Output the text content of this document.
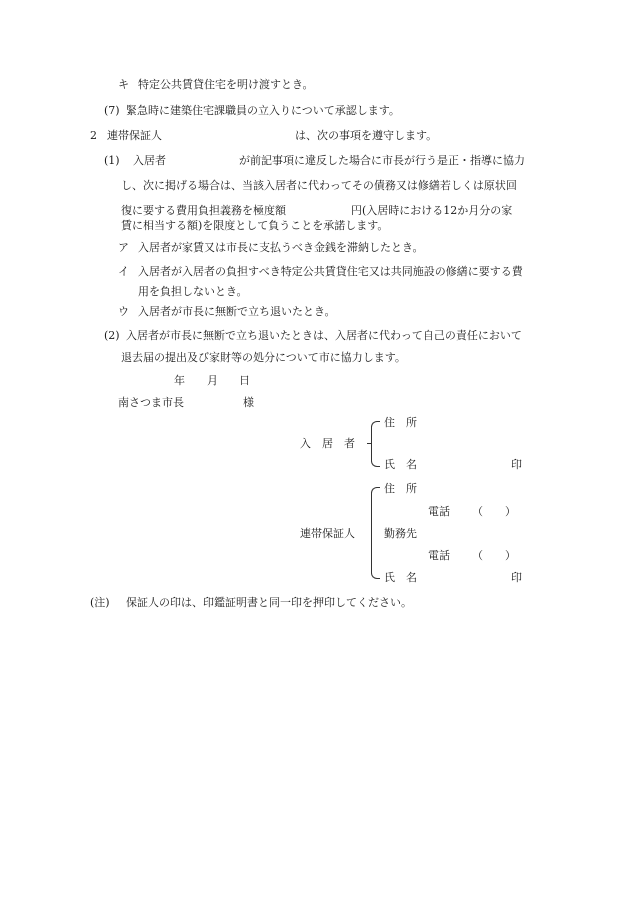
キ 特定公共賃貸住宅を明け渡すとき。
(7) 緊急時に建築住宅課職員の立入りについて承認します。
2 連帯保証人	は、次の事項を遵守します。
(1) 入居者	が前記事項に違反した場合に市長が行う是正・指導に協力
し、次に掲げる場合は、当該入居者に代わってその債務又は修繕若しくは原状回
復に要する費用負担義務を極度額	円(入居時における12か月分の家
賃に相当する額)を限度として負うことを承諾します。
ア 入居者が家賃又は市長に支払うべき金銭を滞納したとき。
イ 入居者が入居者の負担すべき特定公共賃貸住宅又は共同施設の修繕に要する費
用を負担しないとき。
ウ 入居者が市長に無断で立ち退いたとき。
(2) 入居者が市長に無断で立ち退いたときは、入居者に代わって自己の責任において
退去届の提出及び家財等の処分について市に協力します。
年 月 日
南さつま市長	様
入　居　者
住　所
氏　名	印
連帯保証人
住　所
電話 （　　）
勤務先
電話 （　　）
氏　名	印
(注) 保証人の印は、印鑑証明書と同一印を押印してください。
